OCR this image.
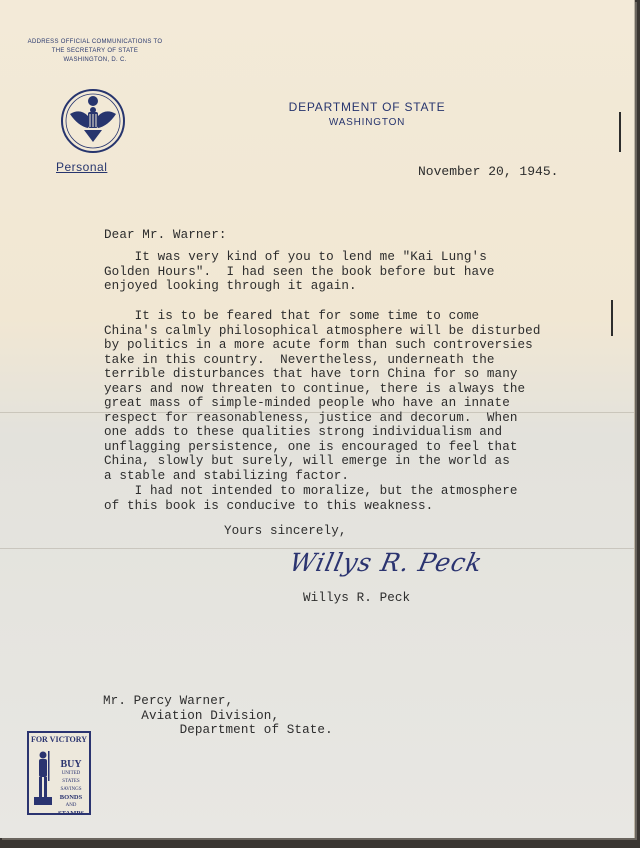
ADDRESS OFFICIAL COMMUNICATIONS TO
THE SECRETARY OF STATE
WASHINGTON, D. C.
DEPARTMENT OF STATE
WASHINGTON
Personal	November 20, 1945.
Dear Mr. Warner:
It was very kind of you to lend me "Kai Lung's
Golden Hours".  I had seen the book before but have
enjoyed looking through it again.
It is to be feared that for some time to come
China's calmly philosophical atmosphere will be disturbed
by politics in a more acute form than such controversies
take in this country.  Nevertheless, underneath the
terrible disturbances that have torn China for so many
years and now threaten to continue, there is always the
great mass of simple-minded people who have an innate
respect for reasonableness, justice and decorum.  When
one adds to these qualities strong individualism and
unflagging persistence, one is encouraged to feel that
China, slowly but surely, will emerge in the world as
a stable and stabilizing factor.
I had not intended to moralize, but the atmosphere
of this book is conducive to this weakness.
Yours sincerely,
Willys R. Peck
Willys R. Peck
Mr. Percy Warner,
Aviation Division,
Department of State.
FOR VICTORY
BUY
UNITED
STATES
SAVINGS
BONDS
AND
STAMPS
